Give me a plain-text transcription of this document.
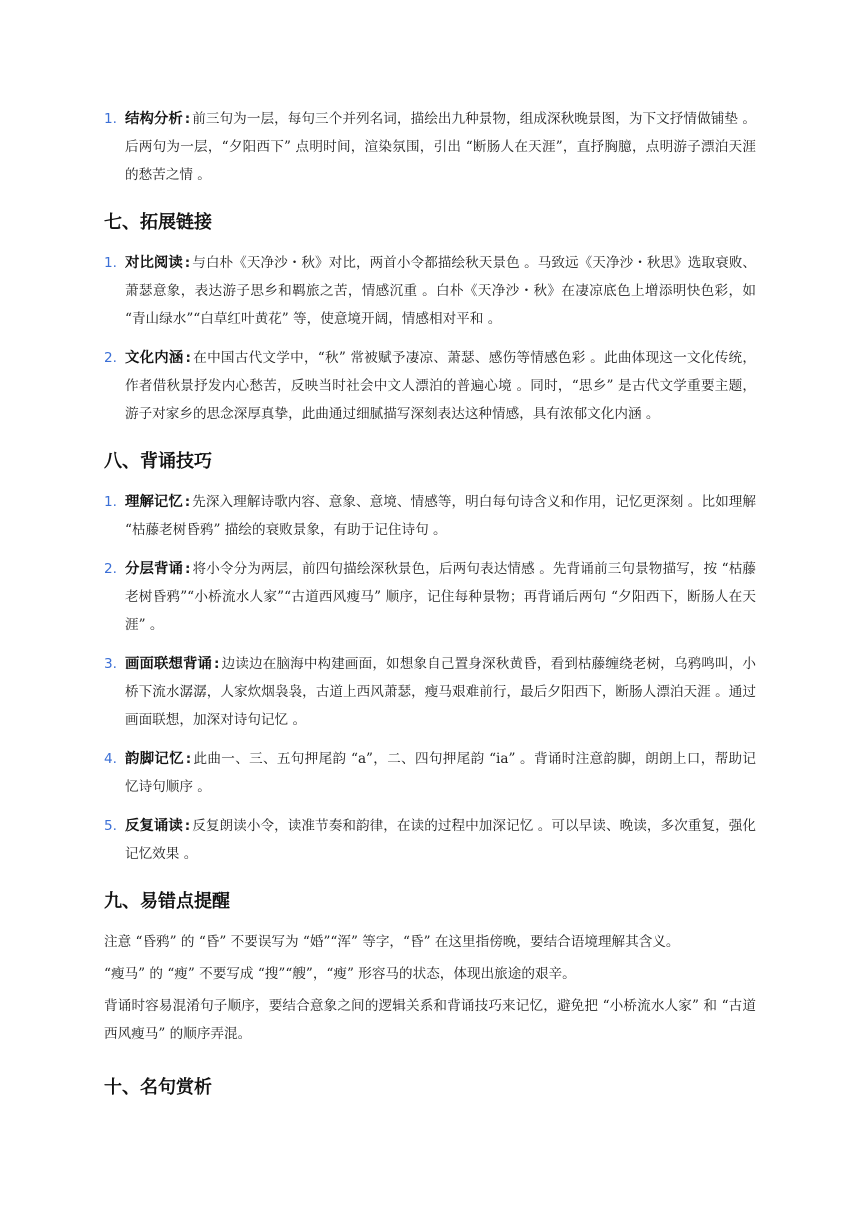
1. 结构分析 : 前三句为一层，每句三个并列名词，描绘出九种景物，组成深秋晚景图，为下文抒情做铺垫 。后两句为一层，“夕阳西下” 点明时间，渲染氛围，引出 “断肠人在天涯”，直抒胸臆，点明游子漂泊天涯的愁苦之情 。
七、拓展链接
1. 对比阅读 : 与白朴《天净沙・秋》对比，两首小令都描绘秋天景色 。马致远《天净沙・秋思》选取衰败、萧瑟意象，表达游子思乡和羁旅之苦，情感沉重 。白朴《天净沙・秋》在凄凉底色上增添明快色彩，如 “青山绿水”“白草红叶黄花” 等，使意境开阔，情感相对平和 。
2. 文化内涵 : 在中国古代文学中，“秋” 常被赋予凄凉、萧瑟、感伤等情感色彩 。此曲体现这一文化传统，作者借秋景抒发内心愁苦，反映当时社会中文人漂泊的普遍心境 。同时，“思乡” 是古代文学重要主题，游子对家乡的思念深厚真挚，此曲通过细腻描写深刻表达这种情感，具有浓郁文化内涵 。
八、背诵技巧
1. 理解记忆 : 先深入理解诗歌内容、意象、意境、情感等，明白每句诗含义和作用，记忆更深刻 。比如理解 “枯藤老树昏鸦” 描绘的衰败景象，有助于记住诗句 。
2. 分层背诵 : 将小令分为两层，前四句描绘深秋景色，后两句表达情感 。先背诵前三句景物描写，按 “枯藤老树昏鸦”“小桥流水人家”“古道西风瘦马” 顺序，记住每种景物；再背诵后两句 “夕阳西下，断肠人在天涯” 。
3. 画面联想背诵 : 边读边在脑海中构建画面，如想象自己置身深秋黄昏，看到枯藤缠绕老树，乌鸦鸣叫，小桥下流水潺潺，人家炊烟袅袅，古道上西风萧瑟，瘦马艰难前行，最后夕阳西下，断肠人漂泊天涯 。通过画面联想，加深对诗句记忆 。
4. 韵脚记忆 : 此曲一、三、五句押尾韵 “a”，二、四句押尾韵 “ia” 。背诵时注意韵脚，朗朗上口，帮助记忆诗句顺序 。
5. 反复诵读 : 反复朗读小令，读准节奏和韵律，在读的过程中加深记忆 。可以早读、晚读，多次重复，强化记忆效果 。
九、易错点提醒

注意 “昏鸦” 的 “昏” 不要误写为 “婚”“浑” 等字，“昏” 在这里指傍晚，要结合语境理解其含义。

“瘦马” 的 “瘦” 不要写成 “搜”“艘”，“瘦” 形容马的状态，体现出旅途的艰辛。

背诵时容易混淆句子顺序，要结合意象之间的逻辑关系和背诵技巧来记忆，避免把 “小桥流水人家” 和 “古道西风瘦马” 的顺序弄混。

十、名句赏析
